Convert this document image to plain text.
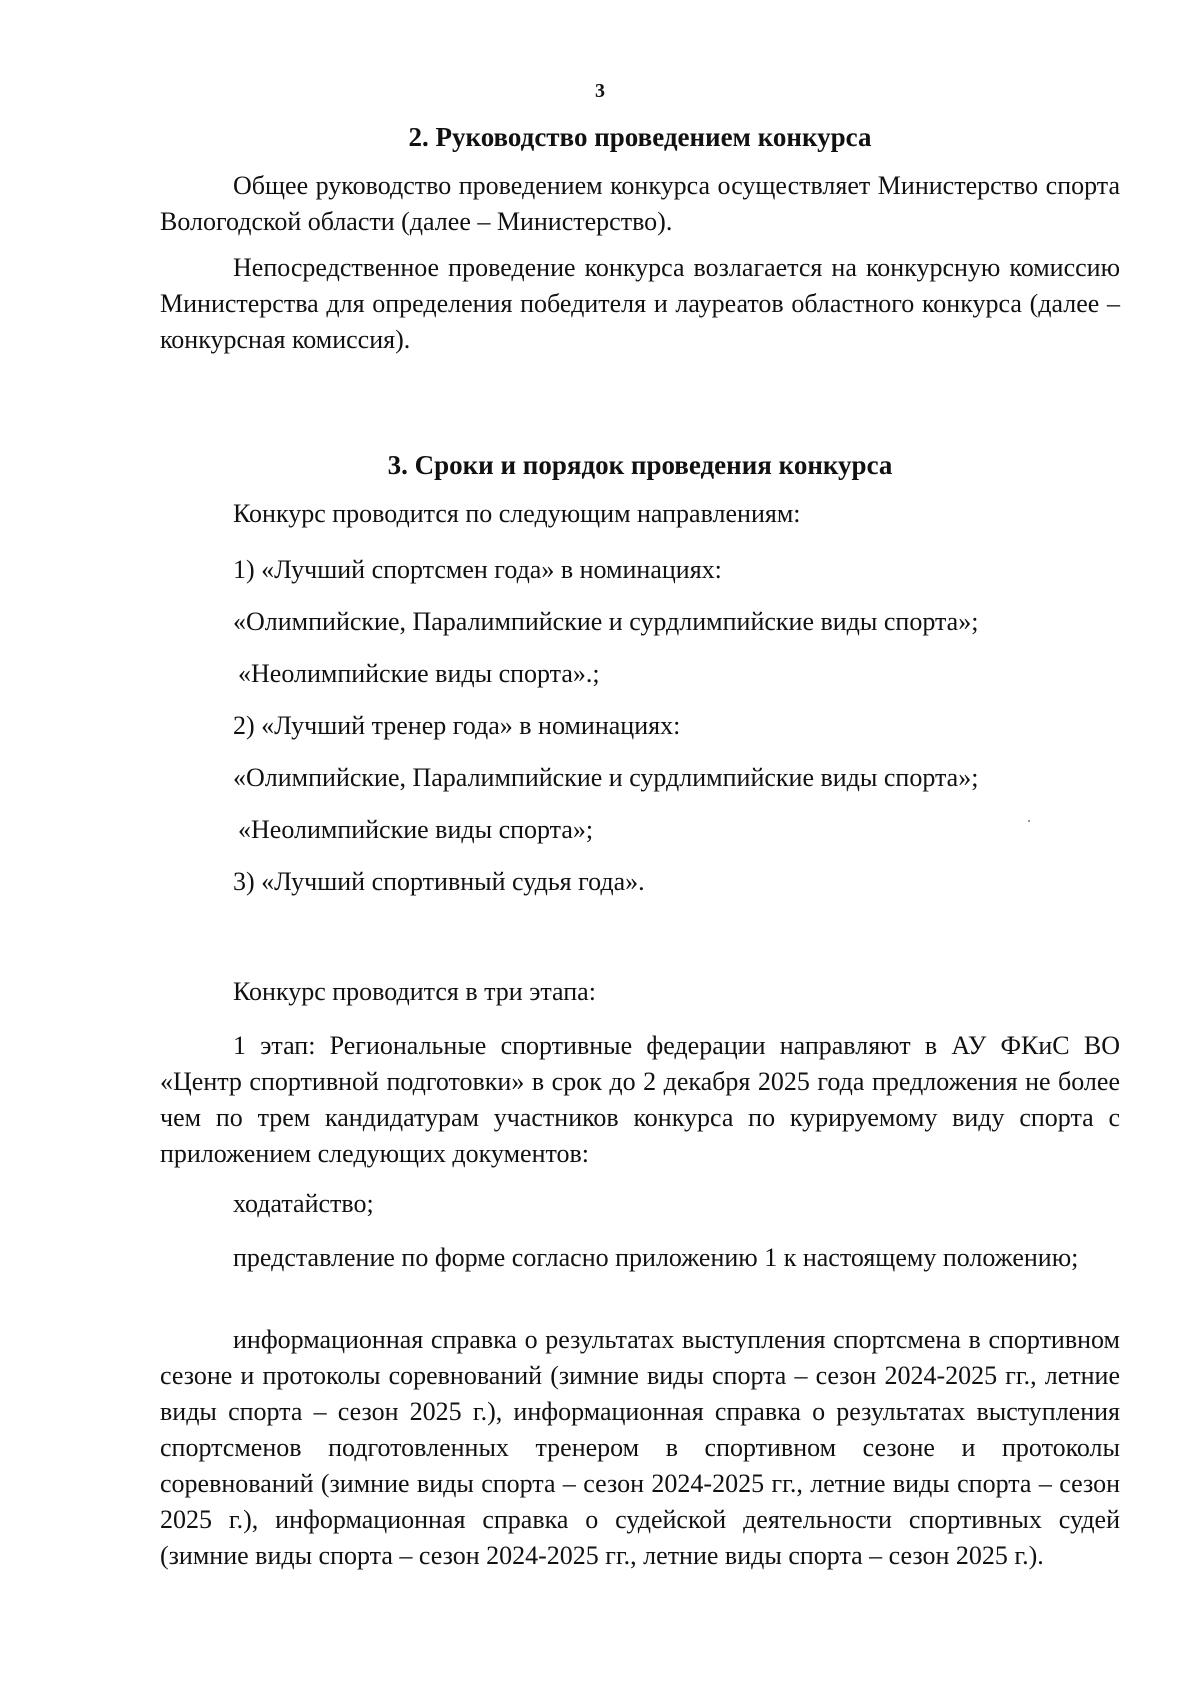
3
2. Руководство проведением конкурса
Общее руководство проведением конкурса осуществляет Министерство спорта Вологодской области (далее – Министерство).
Непосредственное проведение конкурса возлагается на конкурсную комиссию Министерства для определения победителя и лауреатов областного конкурса (далее – конкурсная комиссия).
3. Сроки и порядок проведения конкурса
Конкурс проводится по следующим направлениям:
1) «Лучший спортсмен года» в номинациях:
«Олимпийские, Паралимпийские и сурдлимпийские виды спорта»;
«Неолимпийские виды спорта».;
2) «Лучший тренер года» в номинациях:
«Олимпийские, Паралимпийские и сурдлимпийские виды спорта»;
«Неолимпийские виды спорта»;
3) «Лучший спортивный судья года».
Конкурс проводится в три этапа:
1 этап: Региональные спортивные федерации направляют в АУ ФКиС ВО «Центр спортивной подготовки» в срок до 2 декабря 2025 года предложения не более чем по трем кандидатурам участников конкурса по курируемому виду спорта с приложением следующих документов:
ходатайство;
представление по форме согласно приложению 1 к настоящему положению;
информационная справка о результатах выступления спортсмена в спортивном сезоне и протоколы соревнований (зимние виды спорта – сезон 2024-2025 гг., летние виды спорта – сезон 2025 г.), информационная справка о результатах выступления спортсменов подготовленных тренером в спортивном сезоне и протоколы соревнований (зимние виды спорта – сезон 2024-2025 гг., летние виды спорта – сезон 2025 г.), информационная справка о судейской деятельности спортивных судей (зимние виды спорта – сезон 2024-2025 гг., летние виды спорта – сезон 2025 г.).
